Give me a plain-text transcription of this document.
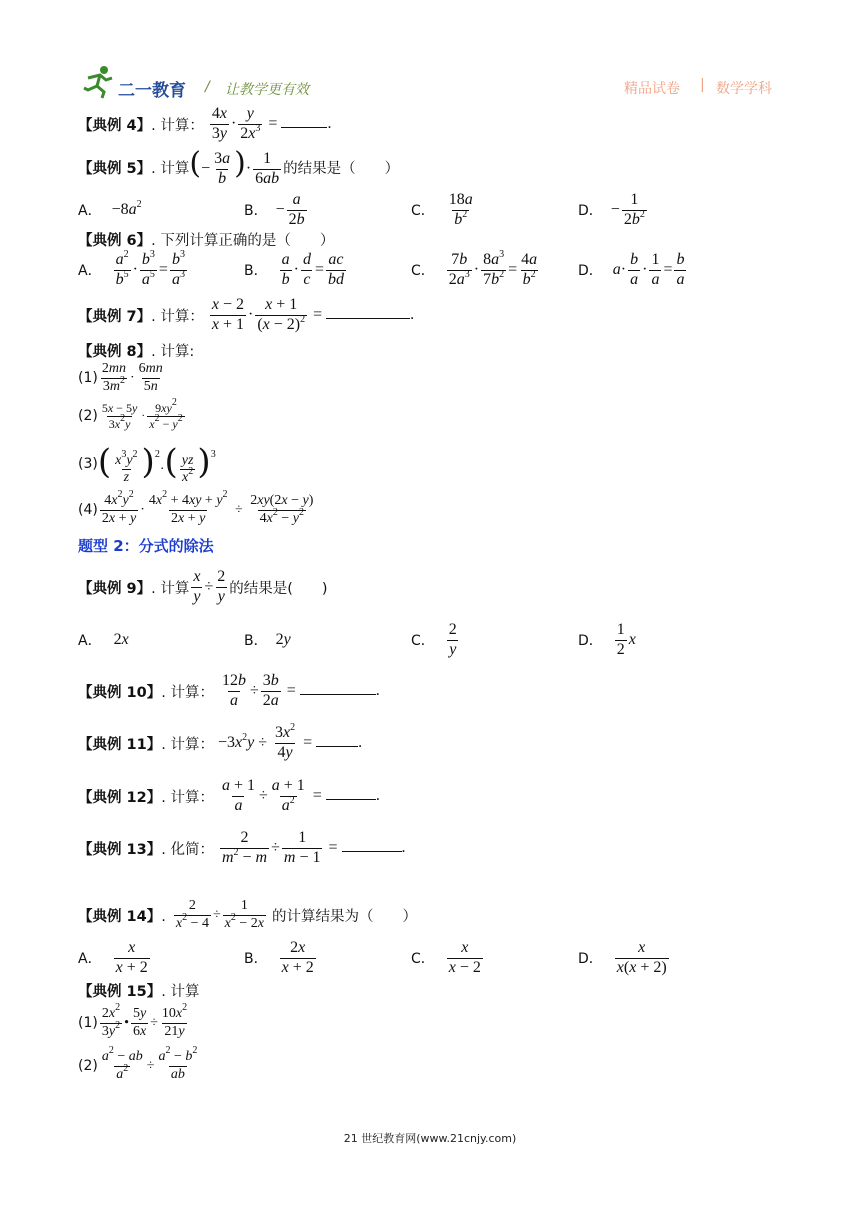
二一教育 / 让教学更有效	精品试卷 | 数学学科
【典例 4】. 计算： $\frac{4x}{3y} \cdot \frac{y}{2x^3}$ =	.
【典例 5】. 计算 (− $\frac{3a}{b}$ )· $\frac{1}{6ab}$ 的结果是（　　）
A． $-8a^2$	B． − $\frac{a}{2b}$	C． $\frac{18a}{b^2}$	D． − $\frac{1}{2b^2}$
【典例 6】. 下列计算正确的是（　　）
A． $\frac{a^2}{b^5} \cdot \frac{b^3}{a^5} = \frac{b^3}{a^3}$	B． $\frac{a}{b} \cdot \frac{d}{c} = \frac{ac}{bd}$	C． $\frac{7b}{2a^3} \cdot \frac{8a^3}{7b^2} = \frac{4a}{b^2}$	D． $a\cdot \frac{b}{a} \cdot \frac{1}{a} = \frac{b}{a}$
【典例 7】. 计算： $\frac{x - 2}{x + 1} \cdot \frac{x + 1}{(x - 2)^2}$ =	.
【典例 8】. 计算:
$(1) \frac{2mn}{3m^2} \cdot \frac{6mn}{5n}$
$(2) \frac{5x - 5y}{3x^2y} \cdot \frac{9xy^2}{x^2 - y^2}$
(3) ( $\frac{x^3y^2}{z} )^2\cdot( \frac{yz}{x^2} )^3$
$(4) \frac{4x^2y^2}{2x + y} \cdot \frac{4x^2 + 4xy + y^2}{2x + y} \div \frac{2xy(2x - y)}{4x^2 - y^2}$
题型 2：分式的除法
【典例 9】. 计算 $\frac{x}{y} \div \frac{2}{y}$ 的结果是(　　)
A． 2x	B． 2y	C． $\frac{2}{y}$	D． $\frac{1}{2}$ x
【典例 10】. 计算： $\frac{12b}{a} \div \frac{3b}{2a}$ =	.
【典例 11】. 计算： $-3x^2y \div \frac{3x^2}{4y}$ =	.
【典例 12】. 计算： $\frac{a + 1}{a} \div \frac{a + 1}{a^2}$ =	.
【典例 13】. 化简： $\frac{2}{m^2 - m} \div \frac{1}{m - 1}$ =	.
【典例 14】. $\frac{2}{x^2 - 4} \div \frac{1}{x^2 - 2x}$ 的计算结果为（　　）
A． $\frac{x}{x + 2}$	B． $\frac{2x}{x + 2}$	C． $\frac{x}{x - 2}$	D． $\frac{x}{x(x + 2)}$
【典例 15】. 计算
$(1) \frac{2x^2}{3y^2}$ • $\frac{5y}{6x} \div \frac{10x^2}{21y}$
$(2) \frac{a^2 - ab}{a^2} \div \frac{a^2 - b^2}{ab}$
21 世纪教育网(www.21cnjy.com)
